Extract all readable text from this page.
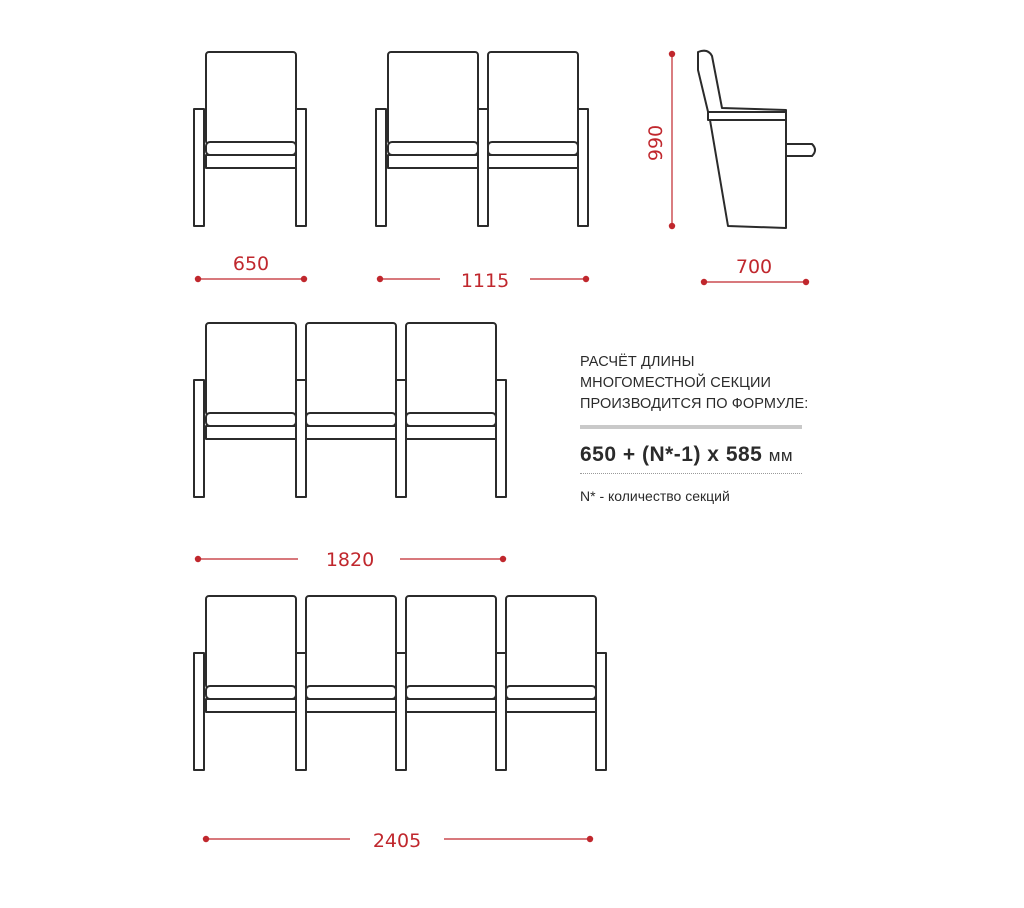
650
1115
700
990
1820
2405
РАСЧЁТ ДЛИНЫ
МНОГОМЕСТНОЙ СЕКЦИИ
ПРОИЗВОДИТСЯ ПО ФОРМУЛЕ:
650 + (N*-1) x 585 мм
N* - количество секций
